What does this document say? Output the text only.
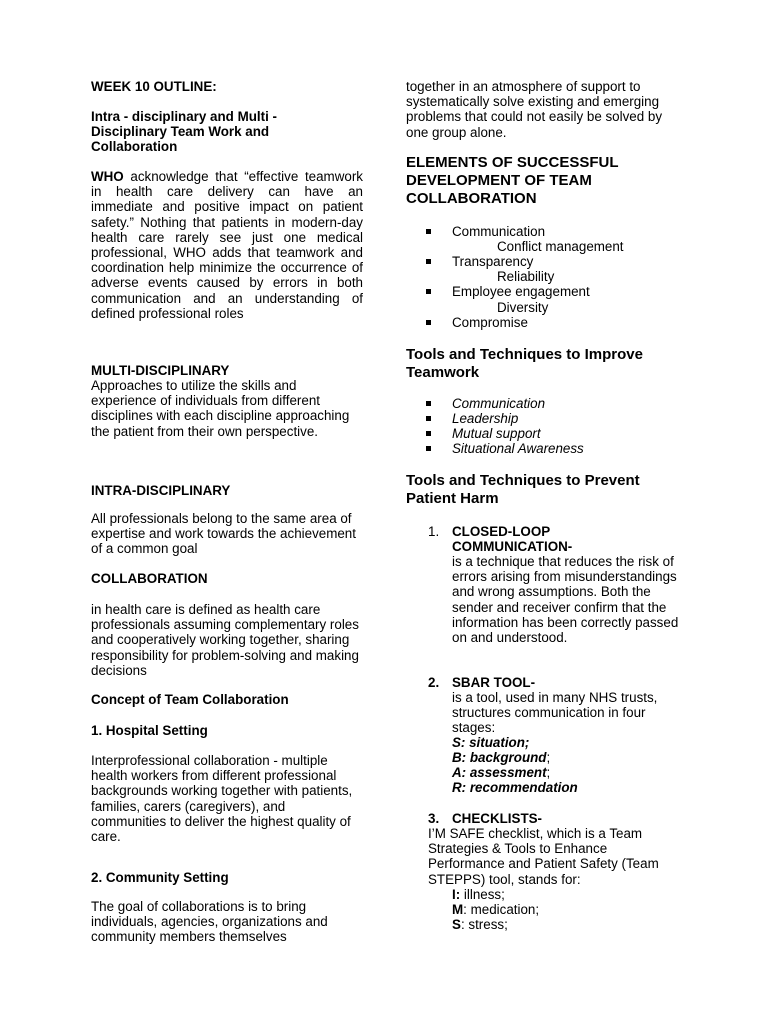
WEEK 10 OUTLINE:
Intra - disciplinary and Multi -
Disciplinary Team Work and
Collaboration
WHO acknowledge that “effective teamwork in health care delivery can have an immediate and positive impact on patient safety.” Nothing that patients in modern-day health care rarely see just one medical professional, WHO adds that teamwork and coordination help minimize the occurrence of adverse events caused by errors in both communication and an understanding of defined professional roles
MULTI-DISCIPLINARY
Approaches to utilize the skills and experience of individuals from different disciplines with each discipline approaching the patient from their own perspective.
INTRA-DISCIPLINARY
All professionals belong to the same area of expertise and work towards the achievement of a common goal
COLLABORATION
in health care is defined as health care professionals assuming complementary roles and cooperatively working together, sharing responsibility for problem-solving and making decisions
Concept of Team Collaboration
1. Hospital Setting
Interprofessional collaboration - multiple health workers from different professional backgrounds working together with patients, families, carers (caregivers), and communities to deliver the highest quality of care.
2. Community Setting
The goal of collaborations is to bring individuals, agencies, organizations and community members themselves
together in an atmosphere of support to systematically solve existing and emerging problems that could not easily be solved by one group alone.
ELEMENTS OF SUCCESSFUL DEVELOPMENT OF TEAM COLLABORATION
Communication
Conflict management
Transparency
Reliability
Employee engagement
Diversity
Compromise
Tools and Techniques to Improve Teamwork
Communication
Leadership
Mutual support
Situational Awareness
Tools and Techniques to Prevent Patient Harm
1. CLOSED-LOOP
COMMUNICATION-
is a technique that reduces the risk of errors arising from misunderstandings and wrong assumptions. Both the sender and receiver confirm that the information has been correctly passed on and understood.
2. SBAR TOOL-
is a tool, used in many NHS trusts, structures communication in four stages:
S: situation;
B: background;
A: assessment;
R: recommendation
3. CHECKLISTS-
I’M SAFE checklist, which is a Team Strategies & Tools to Enhance Performance and Patient Safety (Team STEPPS) tool, stands for:
I: illness;
M: medication;
S: stress;
